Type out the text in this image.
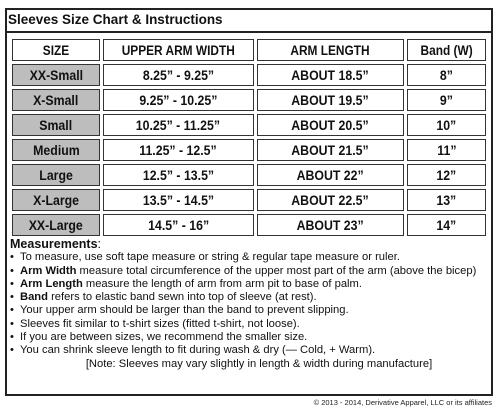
Sleeves Size Chart & Instructions
SIZE	UPPER ARM WIDTH	ARM LENGTH	Band (W)
XX-Small	8.25” - 9.25”	ABOUT 18.5”	8”
X-Small	9.25” - 10.25”	ABOUT 19.5”	9”
Small	10.25” - 11.25”	ABOUT 20.5”	10”
Medium	11.25” - 12.5”	ABOUT 21.5”	11”
Large	12.5” - 13.5”	ABOUT 22”	12”
X-Large	13.5” - 14.5”	ABOUT 22.5”	13”
XX-Large	14.5” - 16”	ABOUT 23”	14”
Measurements:
• To measure, use soft tape measure or string & regular tape measure or ruler.
• Arm Width measure total circumference of the upper most part of the arm (above the bicep)
• Arm Length measure the length of arm from arm pit to base of palm.
• Band refers to elastic band sewn into top of sleeve (at rest).
• Your upper arm should be larger than the band to prevent slipping.
• Sleeves fit similar to t-shirt sizes (fitted t-shirt, not loose).
• If you are between sizes, we recommend the smaller size.
• You can shrink sleeve length to fit during wash & dry (— Cold, + Warm).
[Note: Sleeves may vary slightly in length & width during manufacture]
© 2013 - 2014, Derivative Apparel, LLC or its affiliates
